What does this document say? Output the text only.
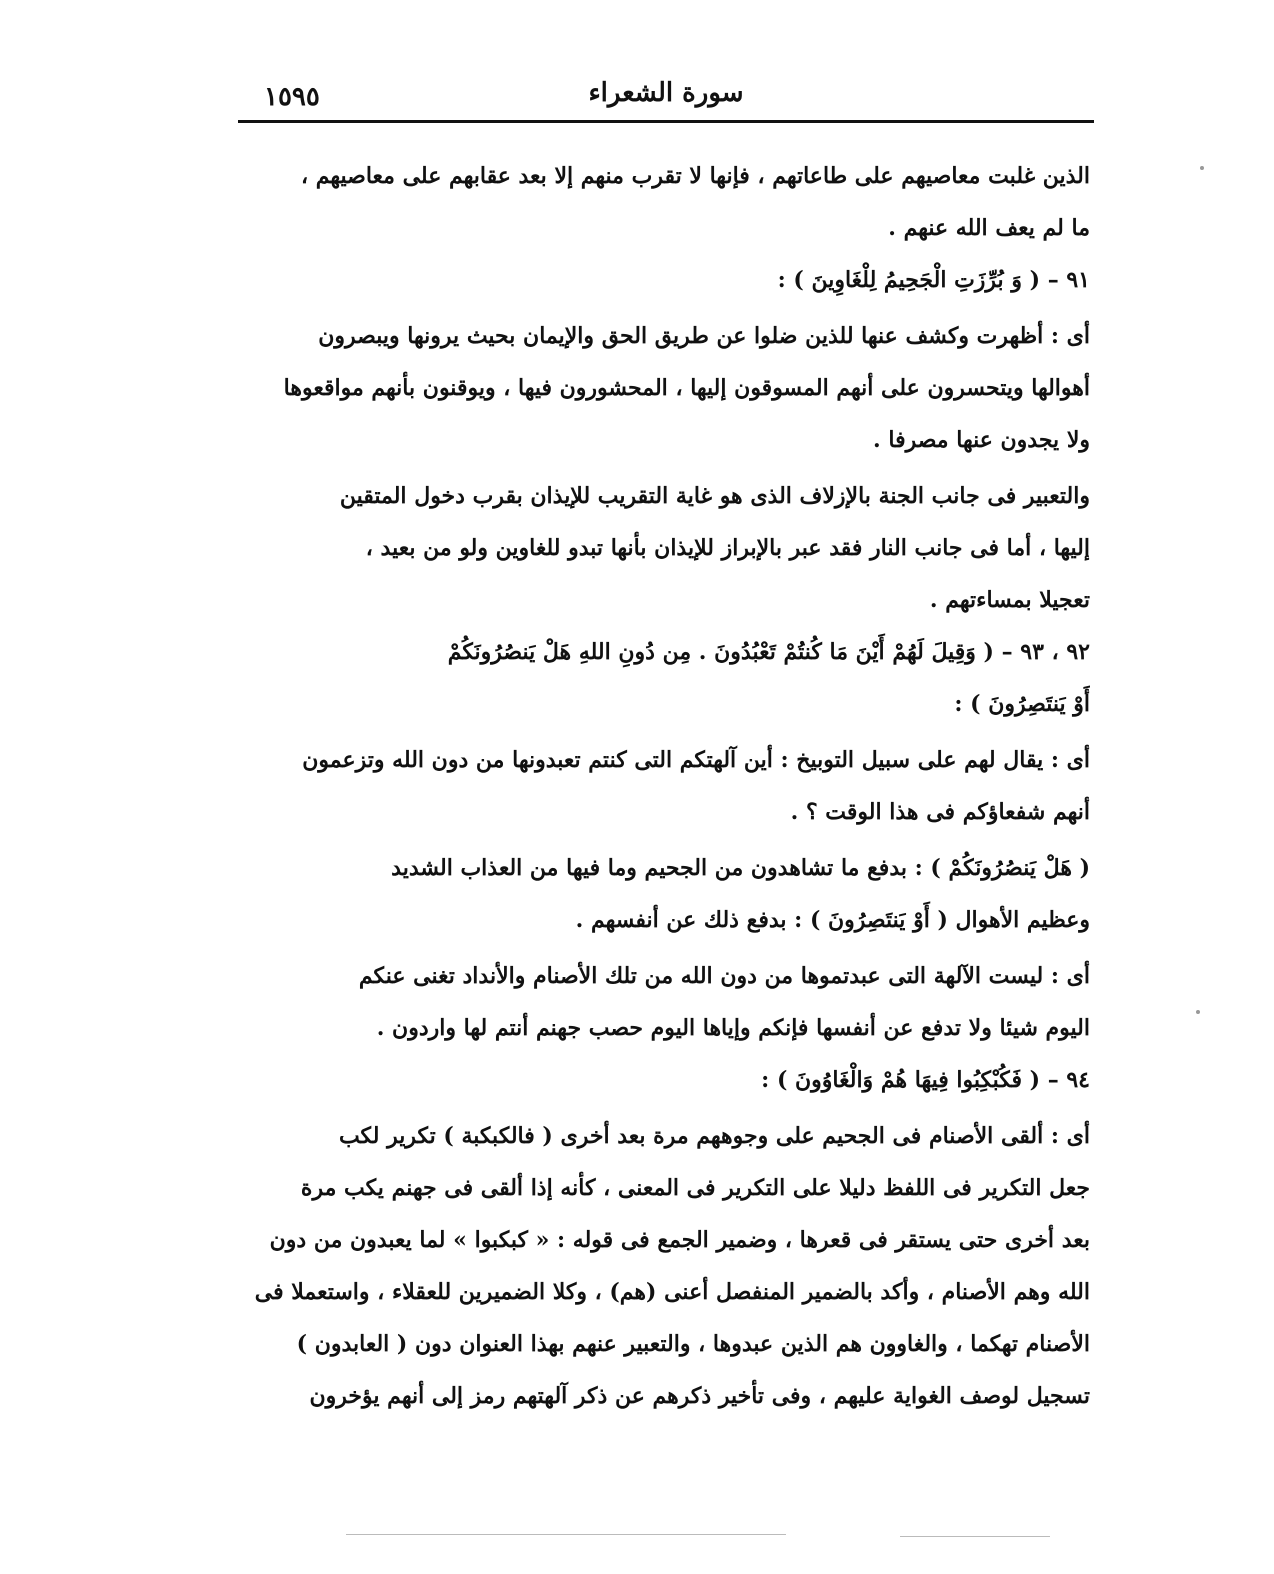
١٥٩٥	سورة الشعراء
الذين غلبت معاصيهم على طاعاتهم ، فإنها لا تقرب منهم إلا بعد عقابهم على معاصيهم ،
ما لم يعف الله عنهم .
٩١ – ( وَ بُرِّزَتِ الْجَحِيمُ لِلْغَاوِينَ ) :
أى : أظهرت وكشف عنها للذين ضلوا عن طريق الحق والإيمان بحيث يرونها ويبصرون
أهوالها ويتحسرون على أنهم المسوقون إليها ، المحشورون فيها ، ويوقنون بأنهم مواقعوها
ولا يجدون عنها مصرفا .
والتعبير فى جانب الجنة بالإزلاف الذى هو غاية التقريب للإيذان بقرب دخول المتقين
إليها ، أما فى جانب النار فقد عبر بالإبراز للإيذان بأنها تبدو للغاوين ولو من بعيد ،
تعجيلا بمساءتهم .
٩٢ ، ٩٣ – ( وَقِيلَ لَهُمْ أَيْنَ مَا كُنتُمْ تَعْبُدُونَ . مِن دُونِ اللهِ هَلْ يَنصُرُونَكُمْ
أَوْ يَنتَصِرُونَ ) :
أى : يقال لهم على سبيل التوبيخ : أين آلهتكم التى كنتم تعبدونها من دون الله وتزعمون
أنهم شفعاؤكم فى هذا الوقت ؟ .
( هَلْ يَنصُرُونَكُمْ ) : بدفع ما تشاهدون من الجحيم وما فيها من العذاب الشديد
وعظيم الأهوال ( أَوْ يَنتَصِرُونَ ) : بدفع ذلك عن أنفسهم .
أى : ليست الآلهة التى عبدتموها من دون الله من تلك الأصنام والأنداد تغنى عنكم
اليوم شيئا ولا تدفع عن أنفسها فإنكم وإياها اليوم حصب جهنم أنتم لها واردون .
٩٤ – ( فَكُبْكِبُوا فِيهَا هُمْ وَالْغَاوُونَ ) :
أى : ألقى الأصنام فى الجحيم على وجوههم مرة بعد أخرى ( فالكبكبة ) تكرير لكب
جعل التكرير فى اللفظ دليلا على التكرير فى المعنى ، كأنه إذا ألقى فى جهنم يكب مرة
بعد أخرى حتى يستقر فى قعرها ، وضمير الجمع فى قوله : « كبكبوا » لما يعبدون من دون
الله وهم الأصنام ، وأكد بالضمير المنفصل أعنى (هم) ، وكلا الضميرين للعقلاء ، واستعملا فى
الأصنام تهكما ، والغاوون هم الذين عبدوها ، والتعبير عنهم بهذا العنوان دون ( العابدون )
تسجيل لوصف الغواية عليهم ، وفى تأخير ذكرهم عن ذكر آلهتهم رمز إلى أنهم يؤخرون
